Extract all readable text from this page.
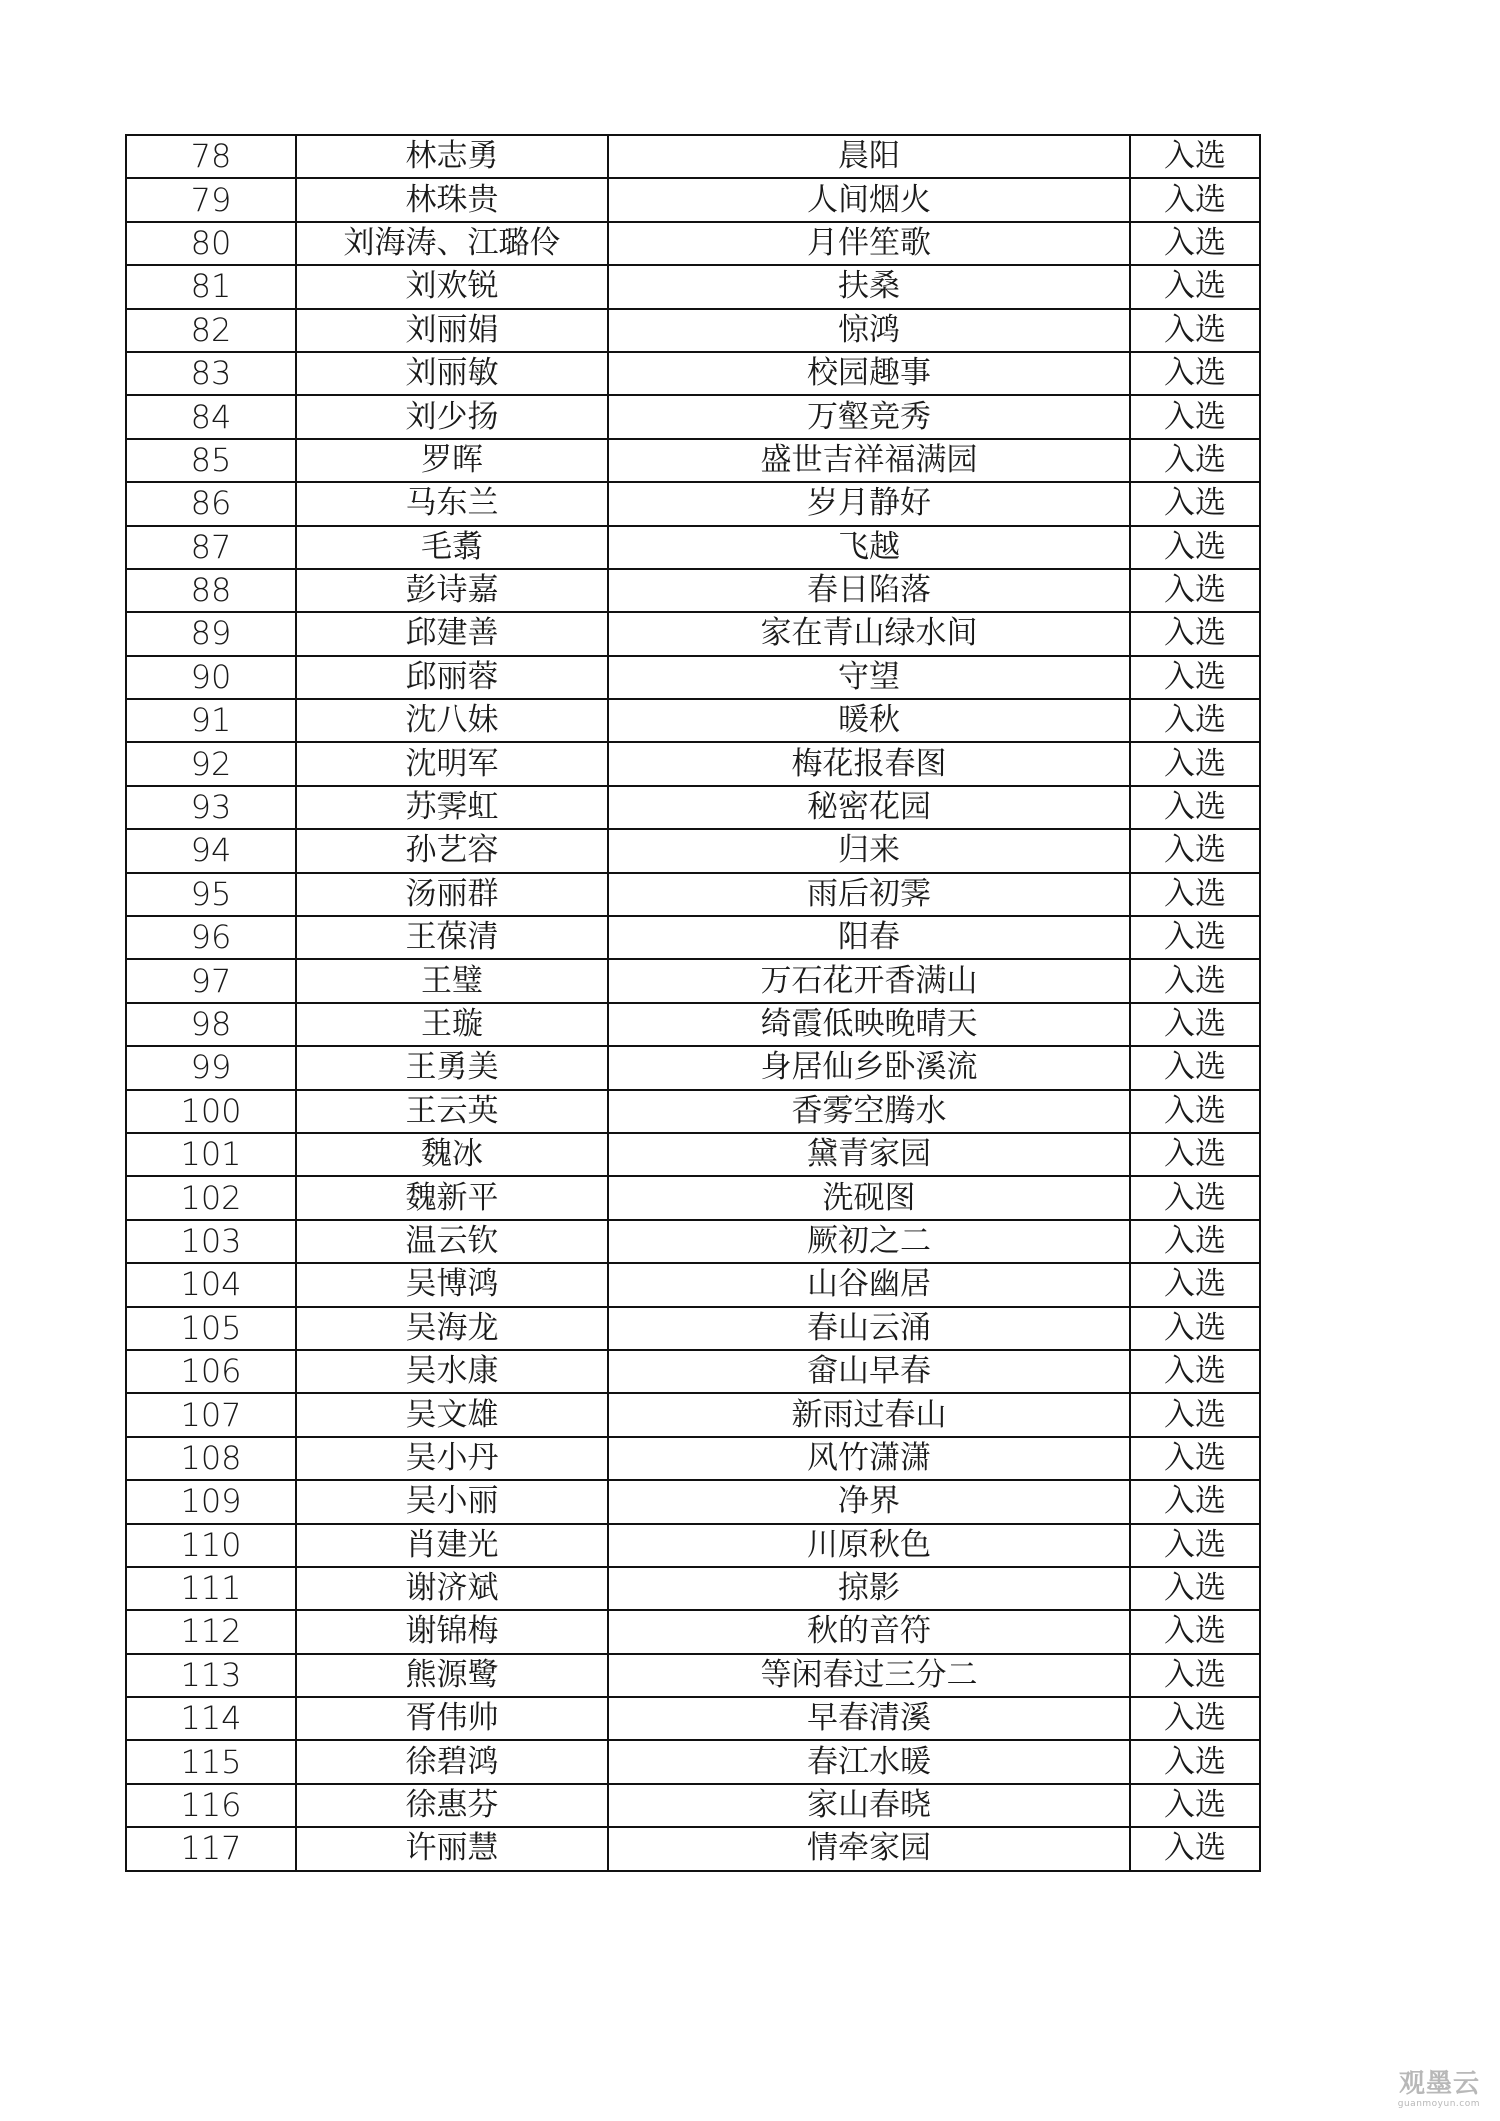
78	林志勇	晨阳	入选
79	林珠贵	人间烟火	入选
80	刘海涛、江璐伶	月伴笙歌	入选
81	刘欢锐	扶桑	入选
82	刘丽娟	惊鸿	入选
83	刘丽敏	校园趣事	入选
84	刘少扬	万壑竞秀	入选
85	罗晖	盛世吉祥福满园	入选
86	马东兰	岁月静好	入选
87	毛翥	飞越	入选
88	彭诗嘉	春日陷落	入选
89	邱建善	家在青山绿水间	入选
90	邱丽蓉	守望	入选
91	沈八妹	暖秋	入选
92	沈明军	梅花报春图	入选
93	苏霁虹	秘密花园	入选
94	孙艺容	归来	入选
95	汤丽群	雨后初霁	入选
96	王葆清	阳春	入选
97	王璧	万石花开香满山	入选
98	王璇	绮霞低映晚晴天	入选
99	王勇美	身居仙乡卧溪流	入选
100	王云英	香雾空腾水	入选
101	魏冰	黛青家园	入选
102	魏新平	洗砚图	入选
103	温云钦	厥初之二	入选
104	吴博鸿	山谷幽居	入选
105	吴海龙	春山云涌	入选
106	吴水康	畲山早春	入选
107	吴文雄	新雨过春山	入选
108	吴小丹	风竹潇潇	入选
109	吴小丽	净界	入选
110	肖建光	川原秋色	入选
111	谢济斌	掠影	入选
112	谢锦梅	秋的音符	入选
113	熊源鹭	等闲春过三分二	入选
114	胥伟帅	早春清溪	入选
115	徐碧鸿	春江水暖	入选
116	徐惠芬	家山春晓	入选
117	许丽慧	情牵家园	入选
观墨云
guanmoyun.com
